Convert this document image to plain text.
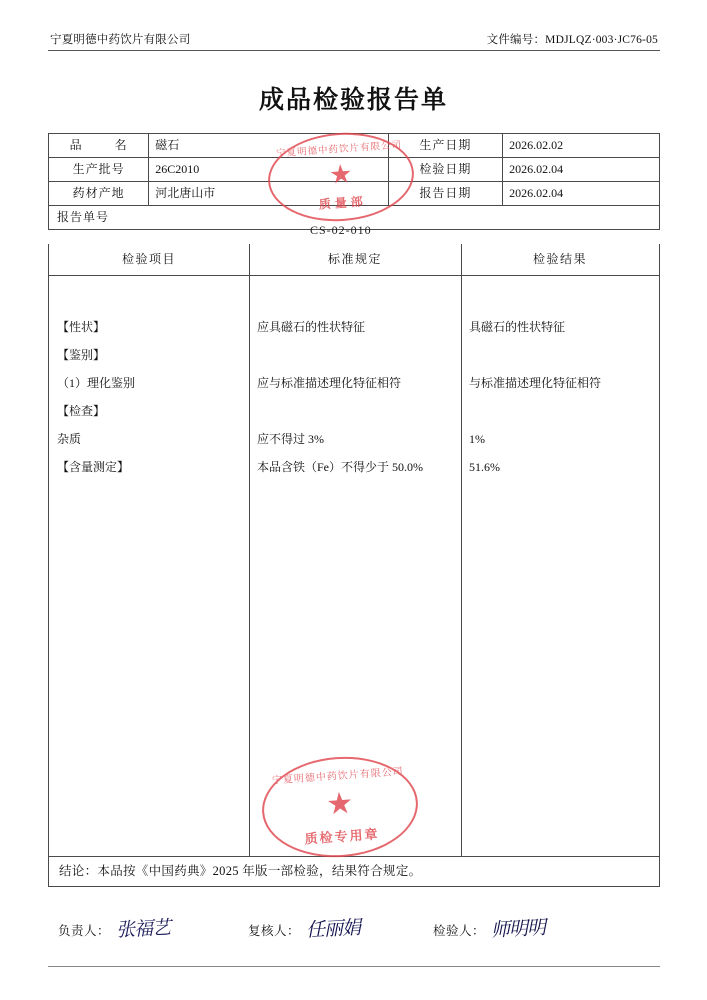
宁夏明德中药饮片有限公司	文件编号：MDJLQZ·003·JC76-05
成品检验报告单
品　　名	磁石	生产日期	2026.02.02
生产批号	26C2010	检验日期	2026.02.04
药材产地	河北唐山市	报告日期	2026.02.04
报告单号			
CS-02-010
检验项目	标准规定	检验结果
【性状】	应具磁石的性状特征	具磁石的性状特征
【鉴别】
（1）理化鉴别	应与标准描述理化特征相符	与标准描述理化特征相符
【检查】
杂质	应不得过 3%	1%
【含量测定】	本品含铁（Fe）不得少于 50.0%	51.6%
结论：本品按《中国药典》2025 年版一部检验，结果符合规定。
负责人： 张福艺	复核人： 任丽娟	检验人： 师明明
宁夏明德中药饮片有限公司
★
质量部
宁夏明德中药饮片有限公司
★
质检专用章
